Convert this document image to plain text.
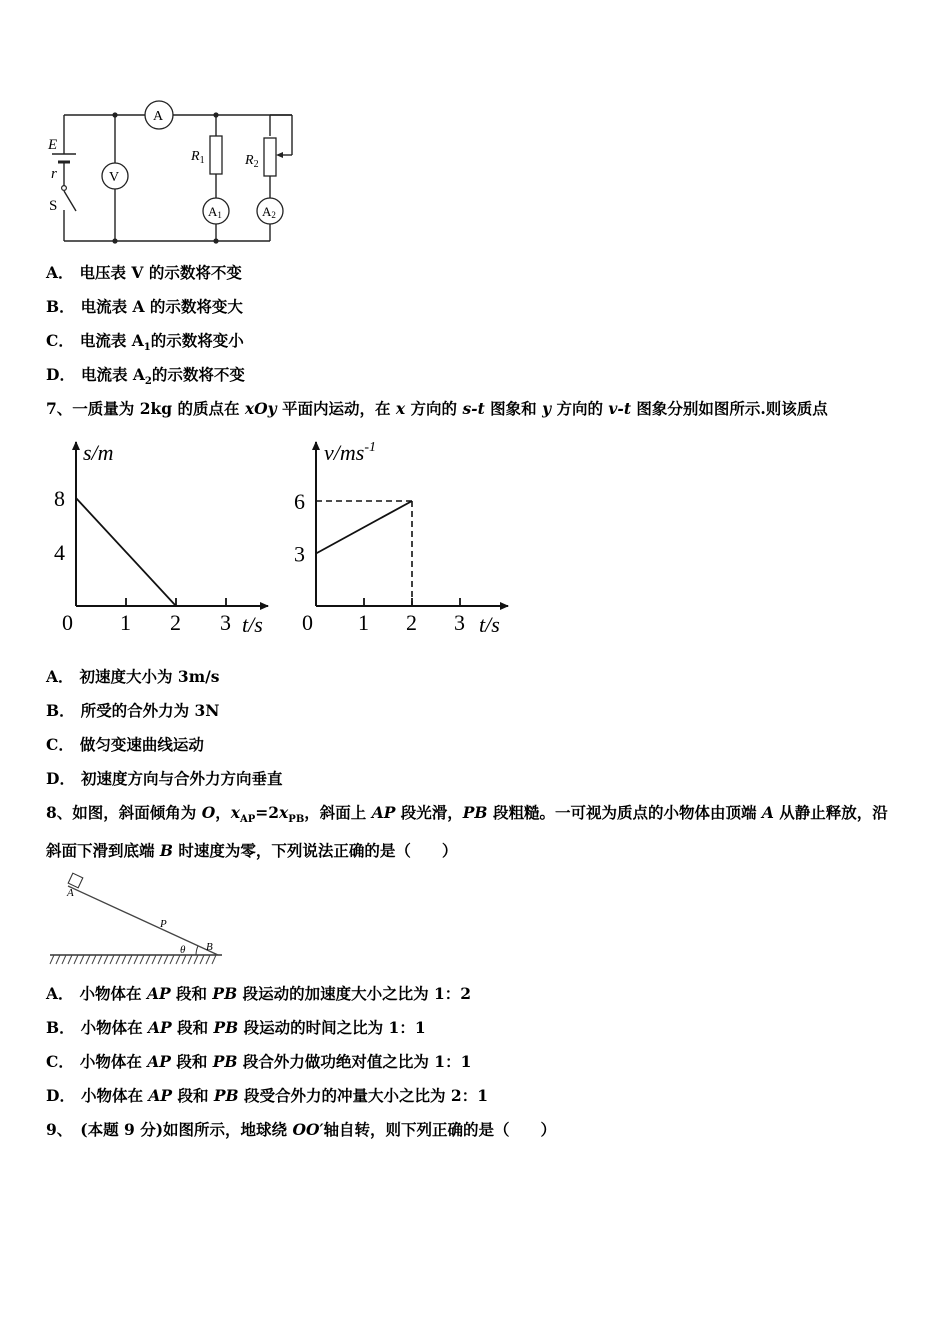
E
r
S
A
V
$R_1$	$R_2$
A1	A2
A． 电压表 V 的示数将不变
B． 电流表 A 的示数将变大
C． 电流表 $A_1$的示数将变小
D． 电流表 $A_2$的示数将不变
7、一质量为 2kg 的质点在 xOy 平面内运动，在 x 方向的 s-t 图象和 y 方向的 v-t 图象分别如图所示.则该质点
0 1 2 3
4
8
s/m
t/s 0 1 2 3
3
6
$v/ms^{-1}$
t/s
A． 初速度大小为 3m/s
B． 所受的合外力为 3N
C． 做匀变速曲线运动
D． 初速度方向与合外力方向垂直
8、如图，斜面倾角为 O，$x_{AP}=2x_{PB}$，斜面上 AP 段光滑，PB 段粗糙。一可视为质点的小物体由顶端 A 从静止释放，沿
斜面下滑到底端 B 时速度为零，下列说法正确的是（　　）
A
P
B
θ
A． 小物体在 AP 段和 PB 段运动的加速度大小之比为 1：2
B． 小物体在 AP 段和 PB 段运动的时间之比为 1：1
C． 小物体在 AP 段和 PB 段合外力做功绝对值之比为 1：1
D． 小物体在 AP 段和 PB 段受合外力的冲量大小之比为 2：1
9、 (本题 9 分)如图所示，地球绕 OO′轴自转，则下列正确的是（　　）
